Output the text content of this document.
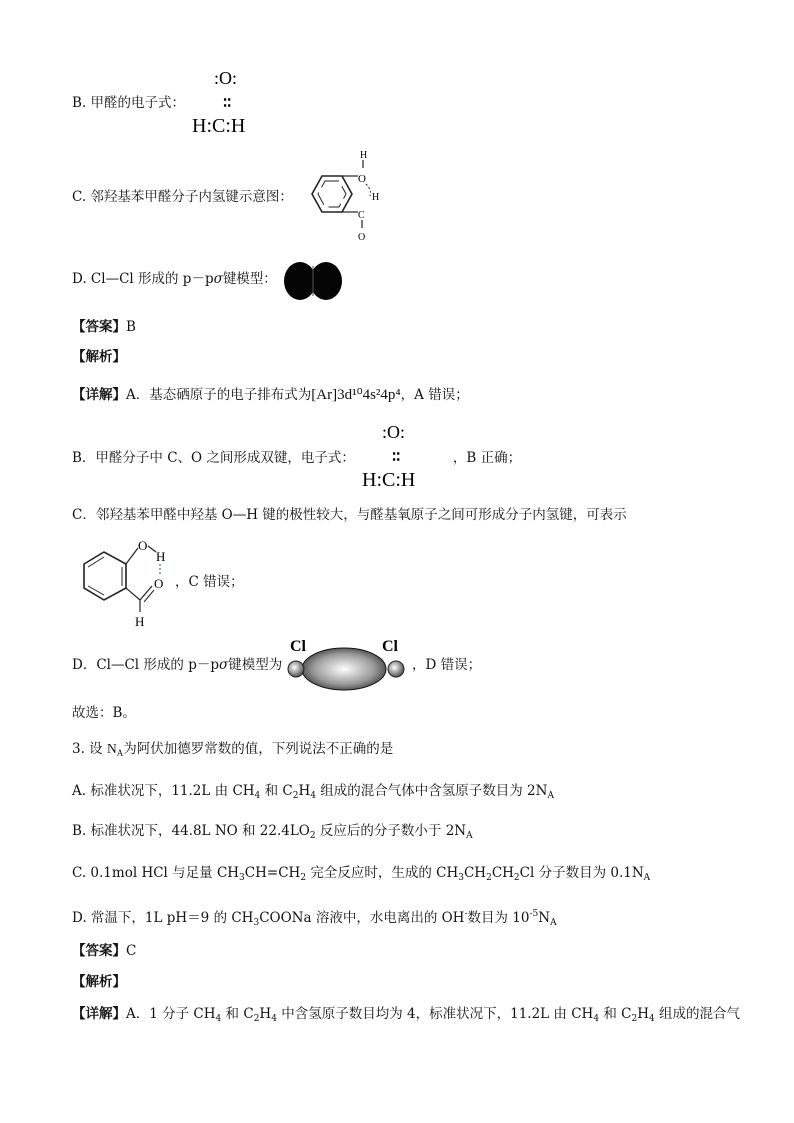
B. 甲醛的电子式：
:O:
∶∶
H:C:H
C. 邻羟基苯甲醛分子内氢键示意图：
O
H
H
C
O
D. Cl—Cl 形成的 p－pσ键模型：
【答案】B
【解析】
【详解】A．基态硒原子的电子排布式为[Ar]3d¹⁰4s²4p⁴，A 错误；
B．甲醛分子中 C、O 之间形成双键，电子式：	，B 正确；
:O:
∶∶
H:C:H
C．邻羟基苯甲醛中羟基 O—H 键的极性较大，与醛基氧原子之间可形成分子内氢键，可表示
O
H
O
H
，C 错误；
D．Cl—Cl 形成的 p－pσ键模型为
Cl	Cl
，D 错误；
故选：B。
3. 设 $N_A$为阿伏加德罗常数的值，下列说法不正确的是
A. 标准状况下，11.2L 由 $CH_4$ 和 $C_2H_4$ 组成的混合气体中含氢原子数目为 $2N_A$
B. 标准状况下，44.8L NO 和 $22.4LO_2$ 反应后的分子数小于 $2N_A$
C. 0.1mol HCl 与足量 $CH_3CH=CH_2$ 完全反应时，生成的 $CH_3CH_2CH_2Cl$ 分子数目为 $0.1N_A$
D. 常温下，1L pH＝9 的 $CH_3COONa$ 溶液中，水电离出的 OH-数目为 $10^{-5}N_A$
【答案】C
【解析】
【详解】A．1 分子 $CH_4$ 和 $C_2H_4$ 中含氢原子数目均为 4，标准状况下，11.2L 由 $CH_4$ 和 $C_2H_4$ 组成的混合气
